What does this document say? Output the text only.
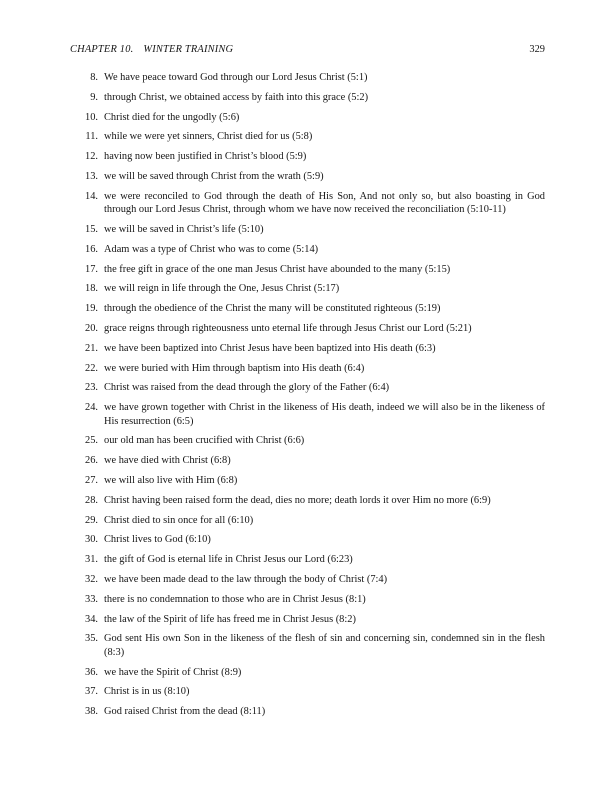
CHAPTER 10. WINTER TRAINING	329
8. We have peace toward God through our Lord Jesus Christ (5:1)
9. through Christ, we obtained access by faith into this grace (5:2)
10. Christ died for the ungodly (5:6)
11. while we were yet sinners, Christ died for us (5:8)
12. having now been justified in Christ’s blood (5:9)
13. we will be saved through Christ from the wrath (5:9)
14. we were reconciled to God through the death of His Son, And not only so, but also boasting in God through our Lord Jesus Christ, through whom we have now received the reconciliation (5:10-11)
15. we will be saved in Christ’s life (5:10)
16. Adam was a type of Christ who was to come (5:14)
17. the free gift in grace of the one man Jesus Christ have abounded to the many (5:15)
18. we will reign in life through the One, Jesus Christ (5:17)
19. through the obedience of the Christ the many will be constituted righteous (5:19)
20. grace reigns through righteousness unto eternal life through Jesus Christ our Lord (5:21)
21. we have been baptized into Christ Jesus have been baptized into His death (6:3)
22. we were buried with Him through baptism into His death (6:4)
23. Christ was raised from the dead through the glory of the Father (6:4)
24. we have grown together with Christ in the likeness of His death, indeed we will also be in the likeness of His resurrection (6:5)
25. our old man has been crucified with Christ (6:6)
26. we have died with Christ (6:8)
27. we will also live with Him (6:8)
28. Christ having been raised form the dead, dies no more; death lords it over Him no more (6:9)
29. Christ died to sin once for all (6:10)
30. Christ lives to God (6:10)
31. the gift of God is eternal life in Christ Jesus our Lord (6:23)
32. we have been made dead to the law through the body of Christ (7:4)
33. there is no condemnation to those who are in Christ Jesus (8:1)
34. the law of the Spirit of life has freed me in Christ Jesus (8:2)
35. God sent His own Son in the likeness of the flesh of sin and concerning sin, condemned sin in the flesh (8:3)
36. we have the Spirit of Christ (8:9)
37. Christ is in us (8:10)
38. God raised Christ from the dead (8:11)
